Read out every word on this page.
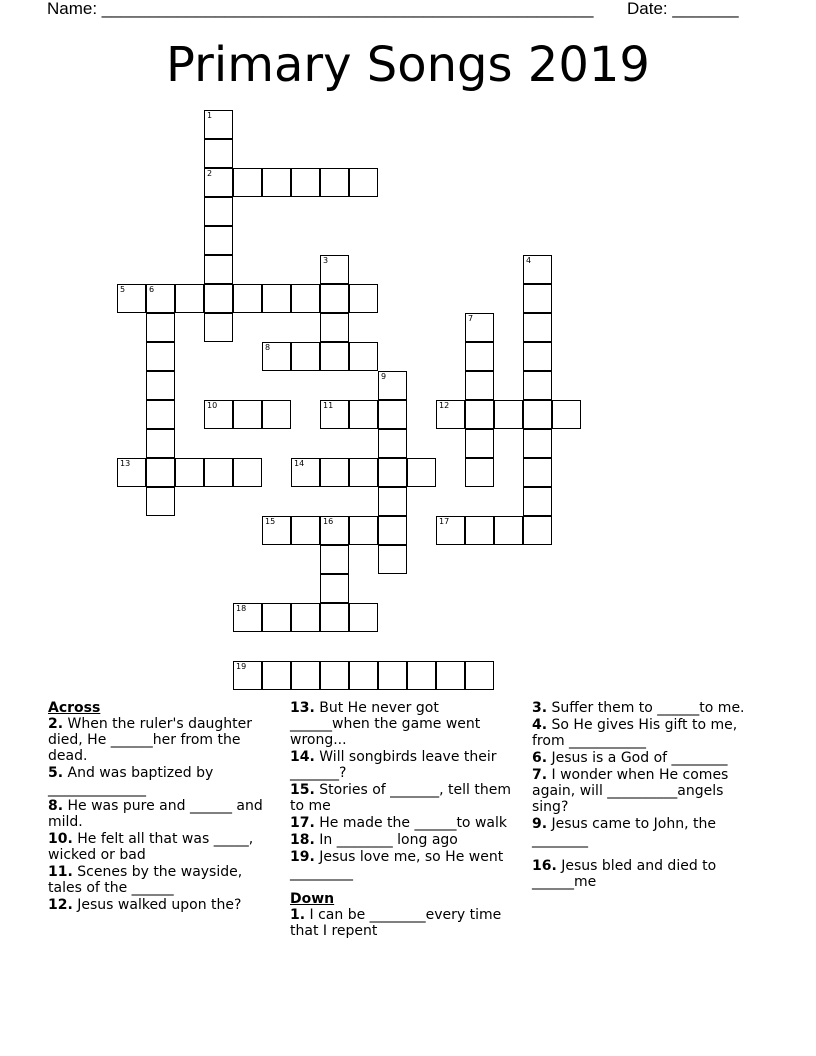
Name: ____________________________________________________ Date: _______
Primary Songs 2019
1
2
3	4
5	6
7
8
9
10	11	12
13	14
15	16	17
18
19
Across
2. When the ruler's daughter died, He ______her from the dead.
5. And was baptized by ______________
8. He was pure and ______ and mild.
10. He felt all that was _____, wicked or bad
11. Scenes by the wayside, tales of the ______
12. Jesus walked upon the?
13. But He never got ______when the game went wrong...
14. Will songbirds leave their _______?
15. Stories of _______, tell them to me
17. He made the ______to walk
18. In ________ long ago
19. Jesus love me, so He went _________
Down
1. I can be ________every time that I repent
3. Suffer them to ______to me.
4. So He gives His gift to me, from ___________
6. Jesus is a God of ________
7. I wonder when He comes again, will __________angels sing?
9. Jesus came to John, the ________
16. Jesus bled and died to ______me
